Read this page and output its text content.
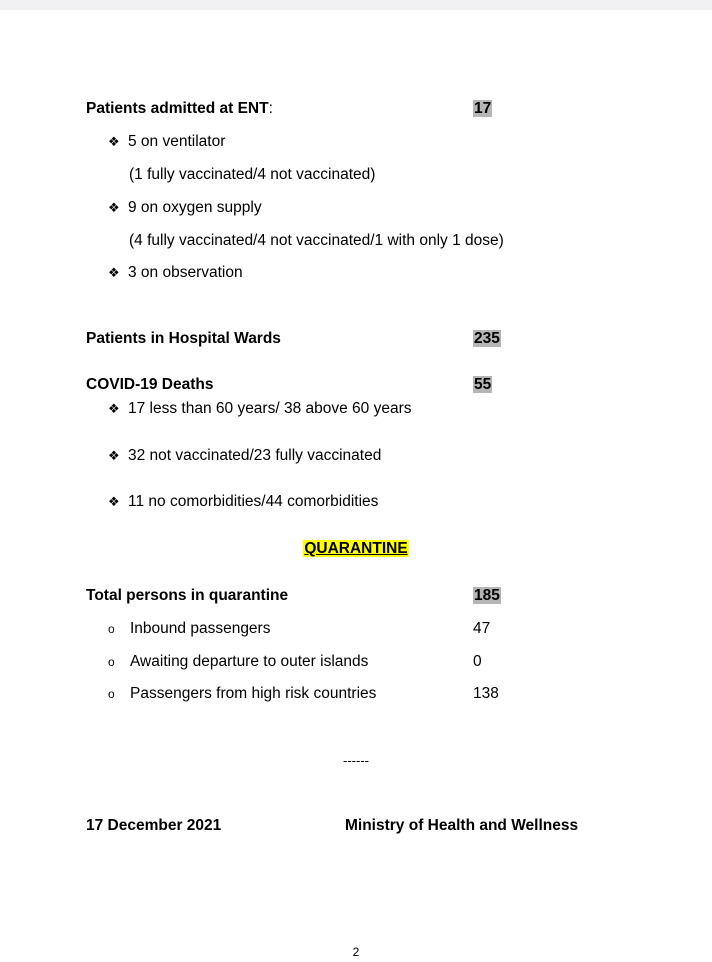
Patients admitted at ENT:	17
❖ 5 on ventilator
(1 fully vaccinated/4 not vaccinated)
❖ 9 on oxygen supply
(4 fully vaccinated/4 not vaccinated/1 with only 1 dose)
❖ 3 on observation
Patients in Hospital Wards	235
COVID-19 Deaths	55
❖ 17 less than 60 years/ 38 above 60 years
❖ 32 not vaccinated/23 fully vaccinated
❖ 11 no comorbidities/44 comorbidities
QUARANTINE
Total persons in quarantine	185
o Inbound passengers	47
o Awaiting departure to outer islands	0
o Passengers from high risk countries	138
------
17 December 2021	Ministry of Health and Wellness
2
